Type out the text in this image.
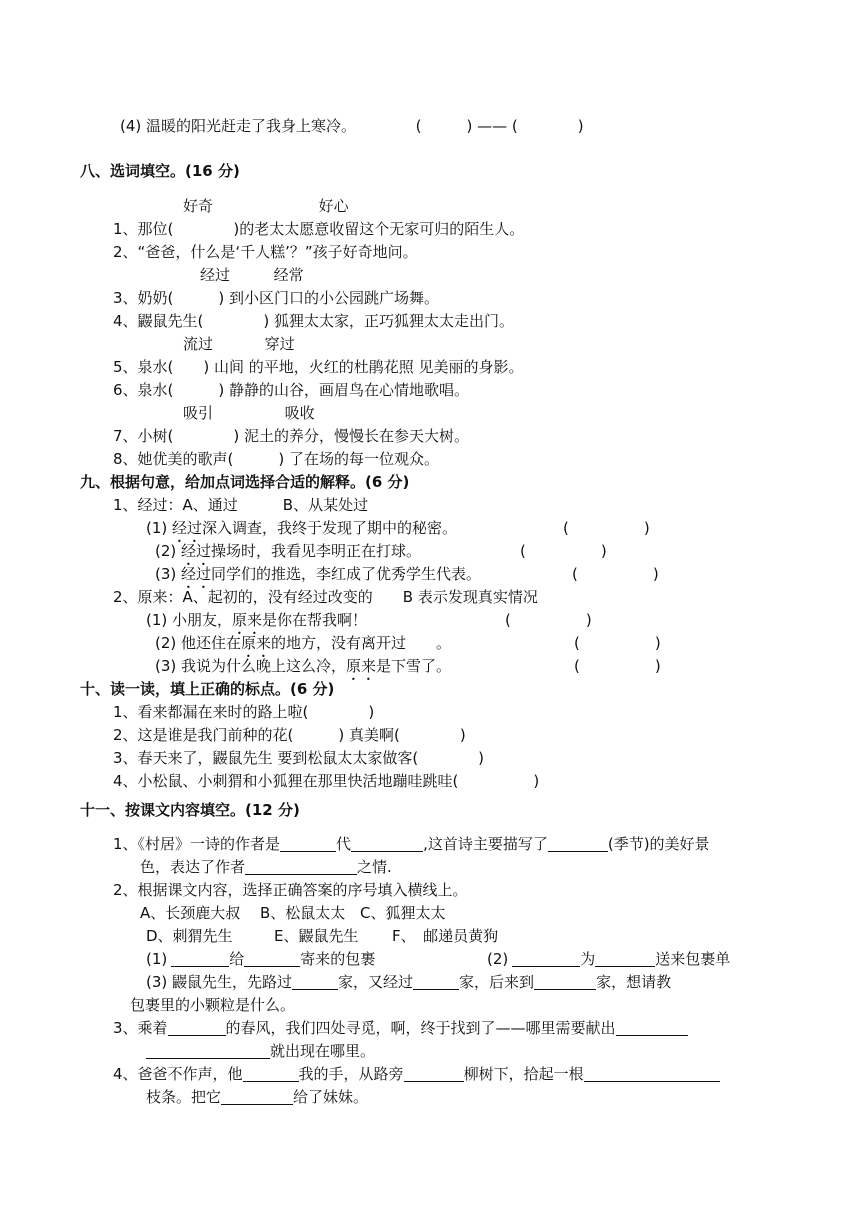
(4) 温暖的阳光赶走了我身上寒冷。	(　　　) —— (　　　　)
八、选词填空。(16 分)
好奇	好心
1、那位(　　　　)的老太太愿意收留这个无家可归的陌生人。
2、“爸爸，什么是‘千人糕’？”孩子好奇地问。
经过	经常
3、奶奶(　　　) 到小区门口的小公园跳广场舞。
4、鼹鼠先生(　　　　) 狐狸太太家，正巧狐狸太太走出门。
流过	穿过
5、泉水(　　) 山间 的平地，火红的杜鹃花照 见美丽的身影。
6、泉水(　　　) 静静的山谷，画眉鸟在心情地歌唱。
吸引	吸收
7、小树(　　　　) 泥土的养分，慢慢长在参天大树。
8、她优美的歌声(　　　) 了在场的每一位观众。
九、根据句意，给加点词选择合适的解释。(6 分)
1、经过：A、通过　　　B、从某处过
(1) 经过深入调查，我终于发现了期中的秘密。	(　　　　　)
(2) 经过操场时，我看见李明正在打球。	(　　　　　)
(3) 经过同学们的推选，李红成了优秀学生代表。	(　　　　　)
2、原来：A、起初的，没有经过改变的　　B 表示发现真实情况
(1) 小朋友，原来是你在帮我啊！	(　　　　　)
(2) 他还住在原来的地方，没有离开过　　。	(　　　　　)
(3) 我说为什么晚上这么冷，原来是下雪了。	(　　　　　)
十、读一读，填上正确的标点。(6 分)
1、看来都漏在来时的路上啦(　　　　)
2、这是谁是我门前种的花(　　　) 真美啊(　　　　)
3、春天来了，鼹鼠先生 要到松鼠太太家做客(　　　　)
4、小松鼠、小刺猬和小狐狸在那里快活地蹦哇跳哇(　　　　　)
十一、按课文内容填空。(12 分)
1、《村居》一诗的作者是	代	,这首诗主要描写了	(季节)的美好景
色，表达了作者	之情.
2、根据课文内容，选择正确答案的序号填入横线上。
A、长颈鹿大叔 B、松鼠太太 C、狐狸太太
D、刺猬先生	E、鼹鼠先生 F、　邮递员黄狗
(1)	给	寄来的包裹	(2)	为	送来包裹单
(3) 鼹鼠先生，先路过	家，又经过	家，后来到	家，想请教
包裹里的小颗粒是什么。
3、乘着	的春风，我们四处寻觅，啊，终于找到了——哪里需要献出
就出现在哪里。
4、爸爸不作声，他	我的手，从路旁	柳树下，拾起一根
枝条。把它	给了妹妹。
